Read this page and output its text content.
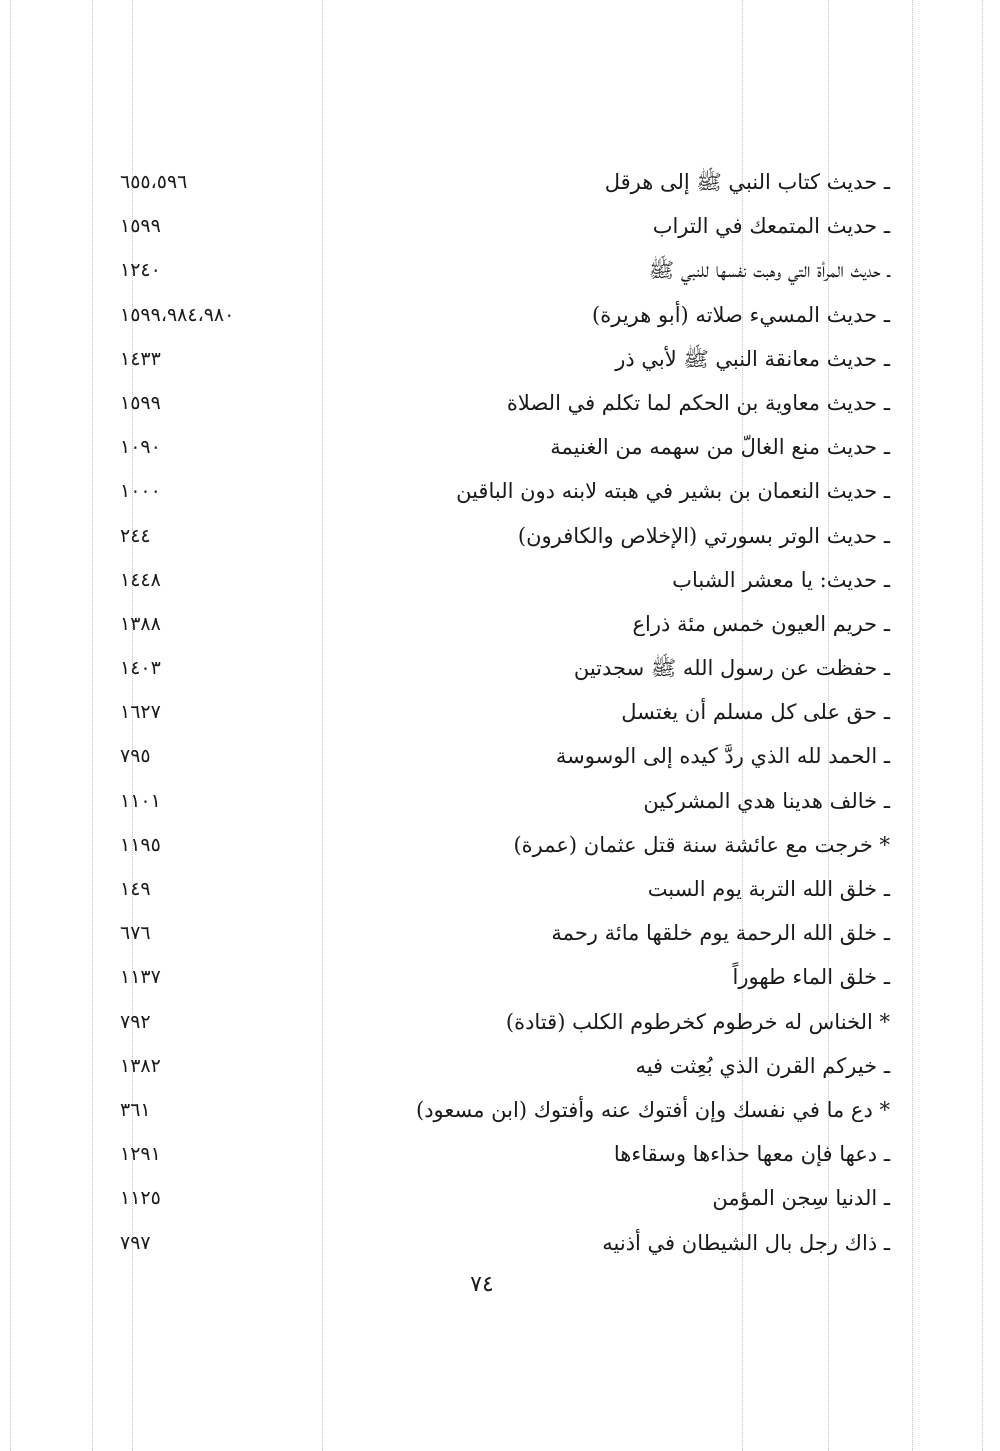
ـ حديث كتاب النبي ﷺ إلى هرقل
٦٥٥،٥٩٦
ـ حديث المتمعك في التراب
١٥٩٩
ـ حديث المرأة التي وهبت نفسها للنبي ﷺ
١٢٤٠
ـ حديث المسيء صلاته (أبو هريرة)
١٥٩٩،٩٨٤،٩٨٠
ـ حديث معانقة النبي ﷺ لأبي ذر
١٤٣٣
ـ حديث معاوية بن الحكم لما تكلم في الصلاة
١٥٩٩
ـ حديث منع الغالّ من سهمه من الغنيمة
١٠٩٠
ـ حديث النعمان بن بشير في هبته لابنه دون الباقين
١٠٠٠
ـ حديث الوتر بسورتي (الإخلاص والكافرون)
٢٤٤
ـ حديث: يا معشر الشباب
١٤٤٨
ـ حريم العيون خمس مئة ذراع
١٣٨٨
ـ حفظت عن رسول الله ﷺ سجدتين
١٤٠٣
ـ حق على كل مسلم أن يغتسل
١٦٢٧
ـ الحمد لله الذي ردَّ كيده إلى الوسوسة
٧٩٥
ـ خالف هدينا هدي المشركين
١١٠١
* خرجت مع عائشة سنة قتل عثمان (عمرة)
١١٩٥
ـ خلق الله التربة يوم السبت
١٤٩
ـ خلق الله الرحمة يوم خلقها مائة رحمة
٦٧٦
ـ خلق الماء طهوراً
١١٣٧
* الخناس له خرطوم كخرطوم الكلب (قتادة)
٧٩٢
ـ خيركم القرن الذي بُعِثت فيه
١٣٨٢
* دع ما في نفسك وإن أفتوك عنه وأفتوك (ابن مسعود)
٣٦١
ـ دعها فإن معها حذاءها وسقاءها
١٢٩١
ـ الدنيا سِجن المؤمن
١١٢٥
ـ ذاك رجل بال الشيطان في أذنيه
٧٩٧
٧٤
